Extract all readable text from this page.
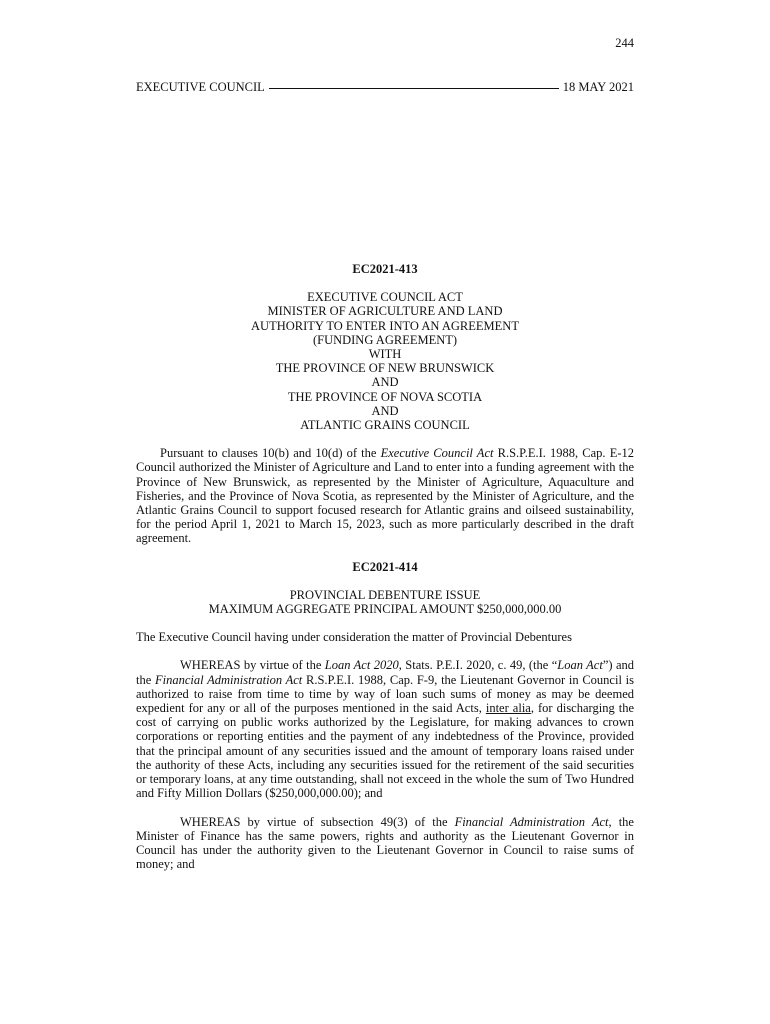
244
EXECUTIVE COUNCIL	18 MAY 2021
EC2021-413
EXECUTIVE COUNCIL ACT
MINISTER OF AGRICULTURE AND LAND
AUTHORITY TO ENTER INTO AN AGREEMENT
(FUNDING AGREEMENT)
WITH
THE PROVINCE OF NEW BRUNSWICK
AND
THE PROVINCE OF NOVA SCOTIA
AND
ATLANTIC GRAINS COUNCIL

Pursuant to clauses 10(b) and 10(d) of the Executive Council Act R.S.P.E.I. 1988, Cap. E-12 Council authorized the Minister of Agriculture and Land to enter into a funding agreement with the Province of New Brunswick, as represented by the Minister of Agriculture, Aquaculture and Fisheries, and the Province of Nova Scotia, as represented by the Minister of Agriculture, and the Atlantic Grains Council to support focused research for Atlantic grains and oilseed sustainability, for the period April 1, 2021 to March 15, 2023, such as more particularly described in the draft agreement.

EC2021-414
PROVINCIAL DEBENTURE ISSUE
MAXIMUM AGGREGATE PRINCIPAL AMOUNT $250,000,000.00

The Executive Council having under consideration the matter of Provincial Debentures

WHEREAS by virtue of the Loan Act 2020, Stats. P.E.I. 2020, c. 49, (the “Loan Act”) and the Financial Administration Act R.S.P.E.I. 1988, Cap. F-9, the Lieutenant Governor in Council is authorized to raise from time to time by way of loan such sums of money as may be deemed expedient for any or all of the purposes mentioned in the said Acts, inter alia, for discharging the cost of carrying on public works authorized by the Legislature, for making advances to crown corporations or reporting entities and the payment of any indebtedness of the Province, provided that the principal amount of any securities issued and the amount of temporary loans raised under the authority of these Acts, including any securities issued for the retirement of the said securities or temporary loans, at any time outstanding, shall not exceed in the whole the sum of Two Hundred and Fifty Million Dollars ($250,000,000.00); and

WHEREAS by virtue of subsection 49(3) of the Financial Administration Act, the Minister of Finance has the same powers, rights and authority as the Lieutenant Governor in Council has under the authority given to the Lieutenant Governor in Council to raise sums of money; and
